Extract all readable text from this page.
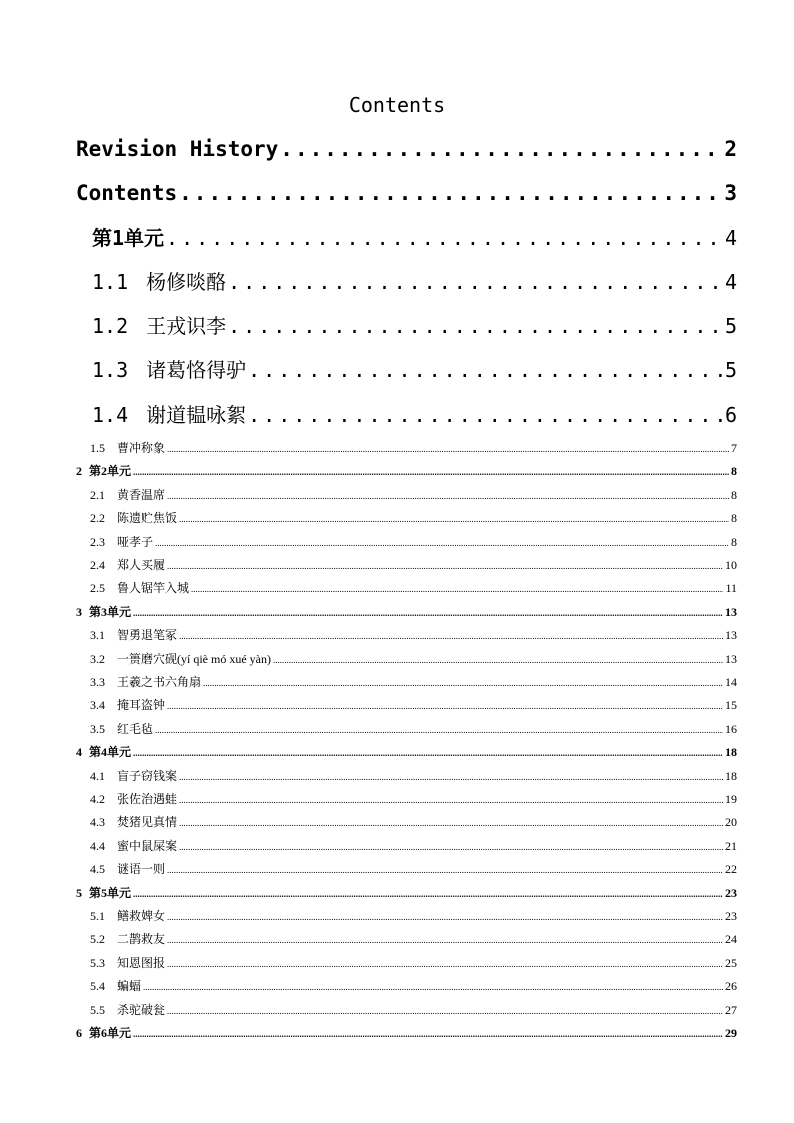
Contents
Revision History .....	2
Contents .....	3
第1单元 .....	4
1.1 杨修啖酪 .....	4
1.2 王戎识李 .....	5
1.3 诸葛恪得驴 .....	5
1.4 谢道韫咏絮 .....	6
1.5 曹冲称象 .....	7
2 第2单元 .....	8
2.1 黄香温席 .....	8
2.2 陈遗贮焦饭 .....	8
2.3 哑孝子 .....	8
2.4 郑人买履 .....	10
2.5 鲁人锯竿入城 .....	11
3 第3单元 .....	13
3.1 智勇退笔冢 .....	13
3.2 一篑磨穴砚(yí qiè mó xué yàn) .....	13
3.3 王羲之书六角扇 .....	14
3.4 掩耳盗钟 .....	15
3.5 红毛毡 .....	16
4 第4单元 .....	18
4.1 盲子窃钱案 .....	18
4.2 张佐治遇蛙 .....	19
4.3 焚猪见真情 .....	20
4.4 蜜中鼠屎案 .....	21
4.5 谜语一则 .....	22
5 第5单元 .....	23
5.1 鳝救婢女 .....	23
5.2 二鹊救友 .....	24
5.3 知恩图报 .....	25
5.4 蝙蝠 .....	26
5.5 杀驼破瓮 .....	27
6 第6单元 .....	29
